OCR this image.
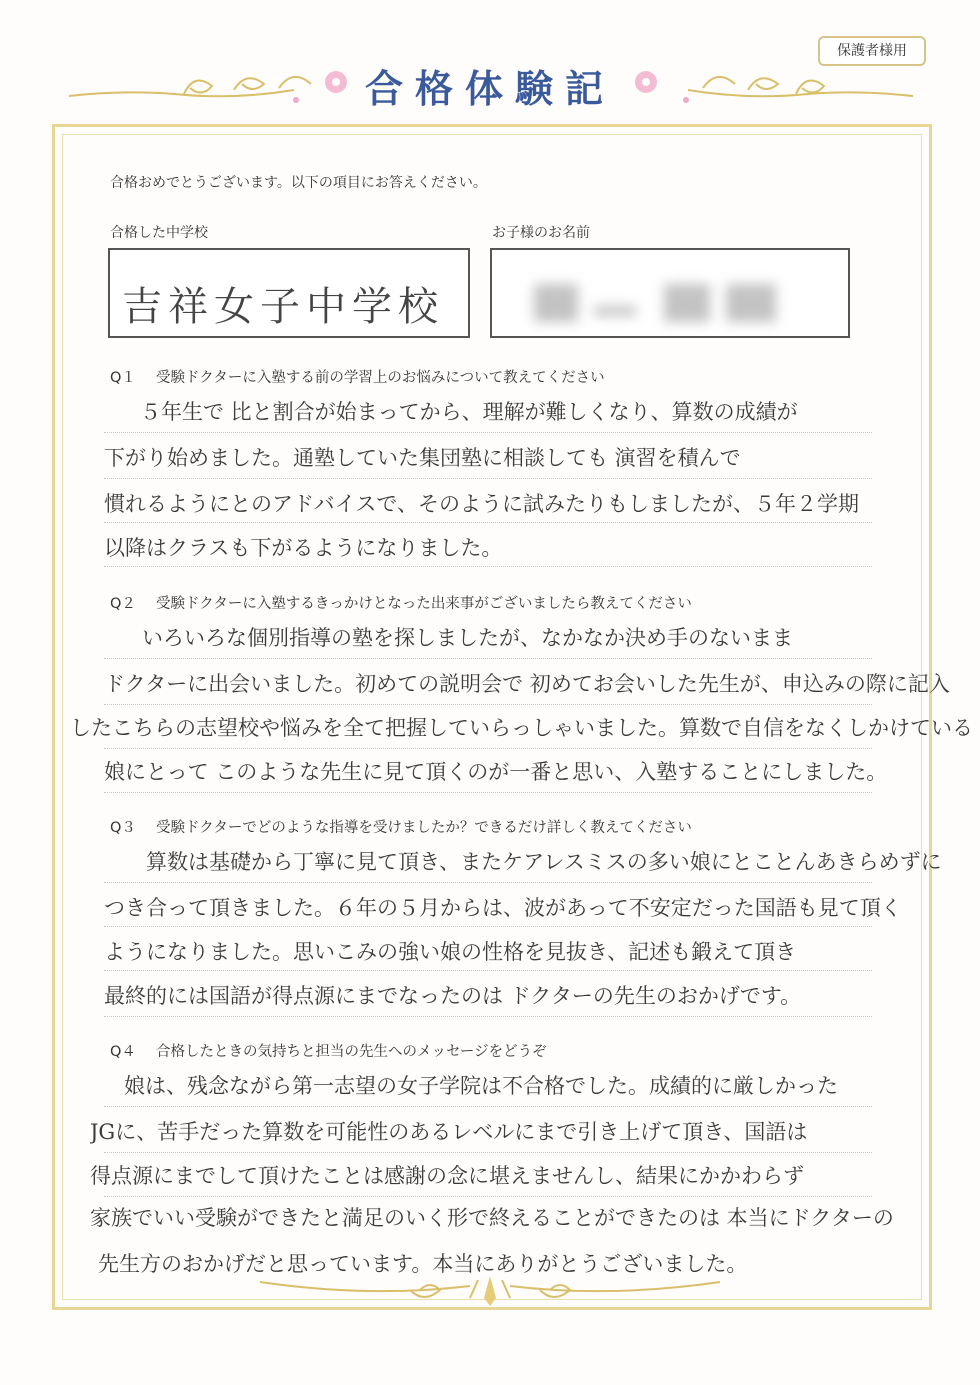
保護者様用
合格体験記
合格おめでとうございます。以下の項目にお答えください。
合格した中学校	お子様のお名前
吉祥女子中学校
Q１ 受験ドクターに入塾する前の学習上のお悩みについて教えてください
５年生で 比と割合が始まってから、理解が難しくなり、算数の成績が
下がり始めました。通塾していた集団塾に相談しても 演習を積んで
慣れるようにとのアドバイスで、そのように試みたりもしましたが、５年２学期
以降はクラスも下がるようになりました。
Q２ 受験ドクターに入塾するきっかけとなった出来事がございましたら教えてください
いろいろな個別指導の塾を探しましたが、なかなか決め手のないまま
ドクターに出会いました。初めての説明会で 初めてお会いした先生が、申込みの際に記入
したこちらの志望校や悩みを全て把握していらっしゃいました。算数で自信をなくしかけている
娘にとって このような先生に見て頂くのが一番と思い、入塾することにしました。
Q３ 受験ドクターでどのような指導を受けましたか？できるだけ詳しく教えてください
算数は基礎から丁寧に見て頂き、またケアレスミスの多い娘にとことんあきらめずに
つき合って頂きました。６年の５月からは、波があって不安定だった国語も見て頂く
ようになりました。思いこみの強い娘の性格を見抜き、記述も鍛えて頂き
最終的には国語が得点源にまでなったのは ドクターの先生のおかげです。
Q４ 合格したときの気持ちと担当の先生へのメッセージをどうぞ
娘は、残念ながら第一志望の女子学院は不合格でした。成績的に厳しかった
JGに、苦手だった算数を可能性のあるレベルにまで引き上げて頂き、国語は
得点源にまでして頂けたことは感謝の念に堪えませんし、結果にかかわらず
家族でいい受験ができたと満足のいく形で終えることができたのは 本当にドクターの
先生方のおかげだと思っています。本当にありがとうございました。
